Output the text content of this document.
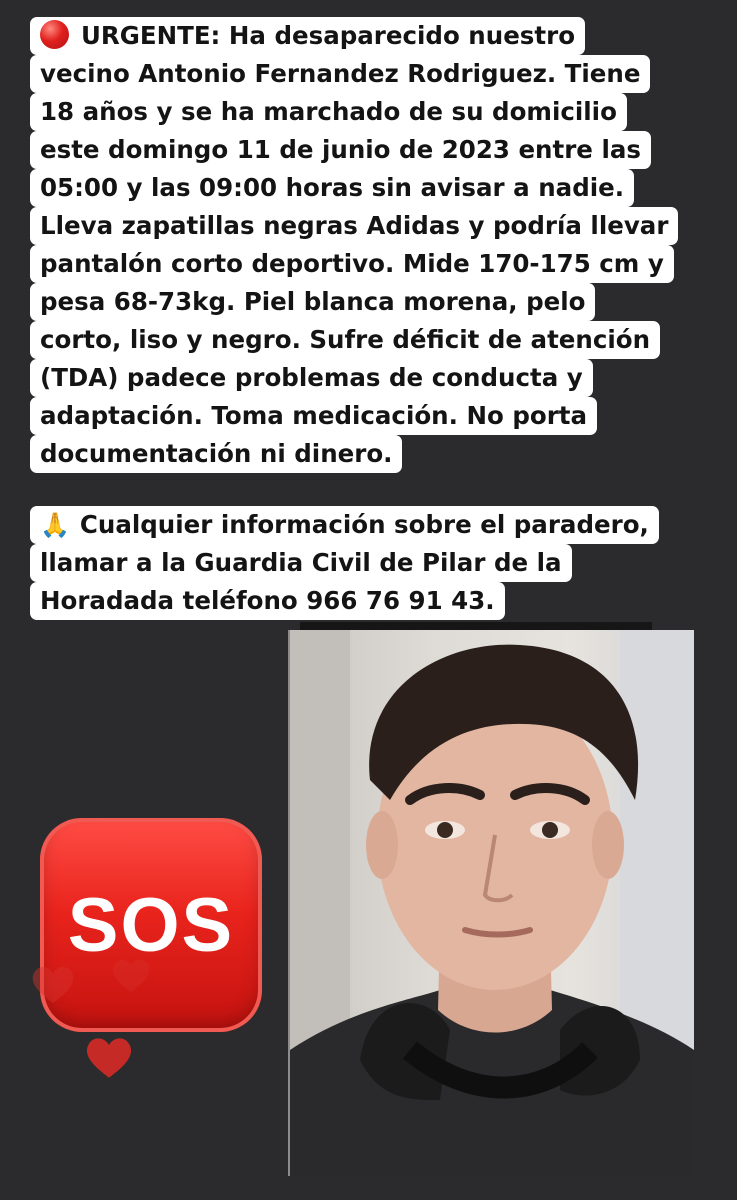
URGENTE: Ha desaparecido nuestro
vecino Antonio Fernandez Rodriguez. Tiene
18 años y se ha marchado de su domicilio
este domingo 11 de junio de 2023 entre las
05:00 y las 09:00 horas sin avisar a nadie.
Lleva zapatillas negras Adidas y podría llevar
pantalón corto deportivo. Mide 170-175 cm y
pesa 68-73kg. Piel blanca morena, pelo
corto, liso y negro. Sufre déficit de atención
(TDA) padece problemas de conducta y
adaptación. Toma medicación. No porta
documentación ni dinero.
🙏 Cualquier información sobre el paradero,
llamar a la Guardia Civil de Pilar de la
Horadada teléfono 966 76 91 43.
SOS
